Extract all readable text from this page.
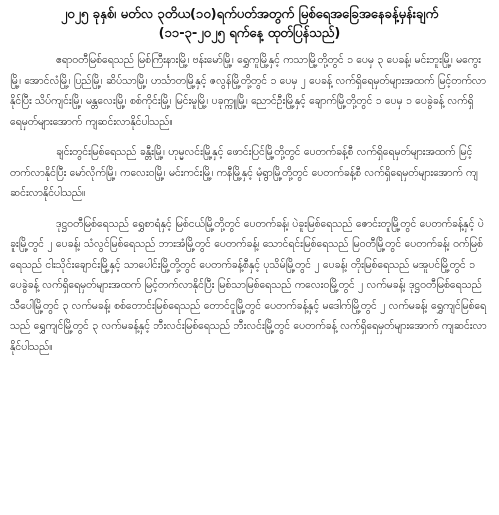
၂၀၂၅ ခုနှစ်၊ မတ်လ ၃တိယ(၁၀)ရက်ပတ်အတွက် မြစ်ရေအခြေအနေခန့်မှန်းချက်
(၁၁-၃-၂၀၂၅ ရက်နေ့ ထုတ်ပြန်သည်)

ဧရာဝတီမြစ်ရေသည် မြစ်ကြီးနားမြို့၊ ဗန်းမော်မြို့၊ ရွှေကူမြို့နှင့် ကသာမြို့တို့တွင် ၁ ပေမှ ၃ ပေခန့်၊ မင်းဘူးမြို့၊ မကွေးမြို့၊ အောင်လံမြို့၊ ပြည်မြို့၊ ဆိပ်သာမြို့၊ ဟင်္သာတမြို့နှင့် ဇလွန်မြို့တို့တွင် ၁ ပေမှ ၂ ပေခန့် လက်ရှိရေမှတ်များအထက် မြင့်တက်လာနိုင်ပြီး သိပ်ကျင်းမြို့၊ မန္တလေးမြို့၊ စစ်ကိုင်းမြို့၊ မြင်းမူမြို့၊ ပခုက္ကူမြို့၊ ညောင်ဦးမြို့နှင့် ချောက်မြို့တို့တွင် ၁ ပေမှ ၁ ပေခွဲခန့် လက်ရှိရေမှတ်များအောက် ကျဆင်းလာနိုင်ပါသည်။

ချင်းတွင်းမြစ်ရေသည် ခန္တီးမြို့၊ ဟုမ္မလင်းမြို့နှင့် ဖောင်းပြင်မြို့တို့တွင် ပေတက်ခန့်စီ လက်ရှိရေမှတ်များအထက် မြင့်တက်လာနိုင်ပြီး မော်လိုက်မြို့၊ ကလေးဝမြို့၊ မင်းကင်းမြို့၊ ကနီမြို့နှင့် မုံရွာမြို့တို့တွင် ပေတက်ခန့်စီ လက်ရှိရေမှတ်များအောက် ကျဆင်းလာနိုင်ပါသည်။

ဒုဋ္ဌဝတီမြစ်ရေသည် ရွှေစာရံနှင့် မြစ်ငယ်မြို့တို့တွင် ပေတက်ခန့်၊ ပဲခူးမြစ်ရေသည် ဇောင်းတူမြို့တွင် ပေတက်ခန့်နှင့် ပဲခူးမြို့တွင် ၂ ပေခန့်၊ သံလွင်မြစ်ရေသည် ဘားအံမြို့တွင် ပေတက်ခန့်၊ သောင်ရင်းမြစ်ရေသည် မြဝတီမြို့တွင် ပေတက်ခန့်၊ ဝက်မြစ်ရေသည် ငါးသိုင်းချောင်းမြို့နှင့် သာပေါင်းမြို့တို့တွင် ပေတက်ခန့်စီနှင့် ပုသိမ်မြို့တွင် ၂ ပေခန့်၊ တိုးမြစ်ရေသည် မအူပင်မြို့တွင် ၁ ပေခွဲခန့် လက်ရှိရေမှတ်များအထက် မြင့်တက်လာနိုင်ပြီး မြစ်သာမြစ်ရေသည် ကလေးဝမြို့တွင် ၂ လက်မခန့်၊ ဒုဋ္ဌဝတီမြစ်ရေသည် သီပေါမြို့တွင် ၃ လက်မခန့်၊ စစ်တောင်းမြစ်ရေသည် တောင်ငူမြို့တွင် ပေတက်ခန့်နှင့် မဒေါက်မြို့တွင် ၂ လက်မခန့်၊ ရွှေကျင်မြစ်ရေသည် ရွှေကျင်မြို့တွင် ၃ လက်မခန့်နှင့် ဘီးလင်းမြစ်ရေသည် ဘီးလင်းမြို့တွင် ပေတက်ခန့် လက်ရှိရေမှတ်များအောက် ကျဆင်းလာနိုင်ပါသည်။
